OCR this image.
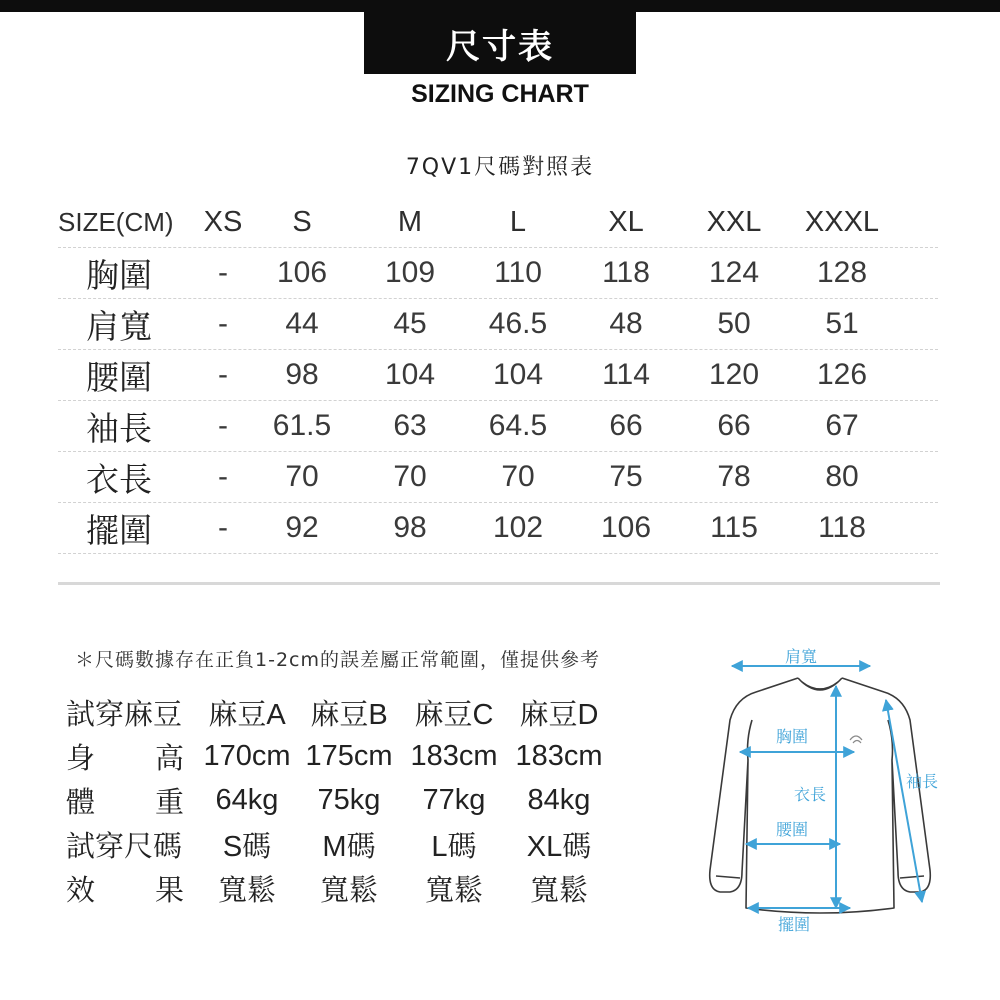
尺寸表
SIZING CHART
7QV1尺碼對照表
SIZE(CM)	XS	S	M	L	XL	XXL	XXXL
胸圍	-	106	109	110	118	124	128
肩寬	-	44	45	46.5	48	50	51
腰圍	-	98	104	104	114	120	126
袖長	-	61.5	63	64.5	66	66	67
衣長	-	70	70	70	75	78	80
擺圍	-	92	98	102	106	115	118
＊尺碼數據存在正負1-2cm的誤差屬正常範圍，僅提供參考
試穿麻豆 麻豆A 麻豆B 麻豆C 麻豆D
身 高 170cm 175cm 183cm 183cm
體 重	64kg	75kg	77kg	84kg
試穿尺碼	S碼	M碼	L碼	XL碼
效 果	寬鬆	寬鬆	寬鬆	寬鬆
肩寬
胸圍
衣長
腰圍
擺圍
袖長
